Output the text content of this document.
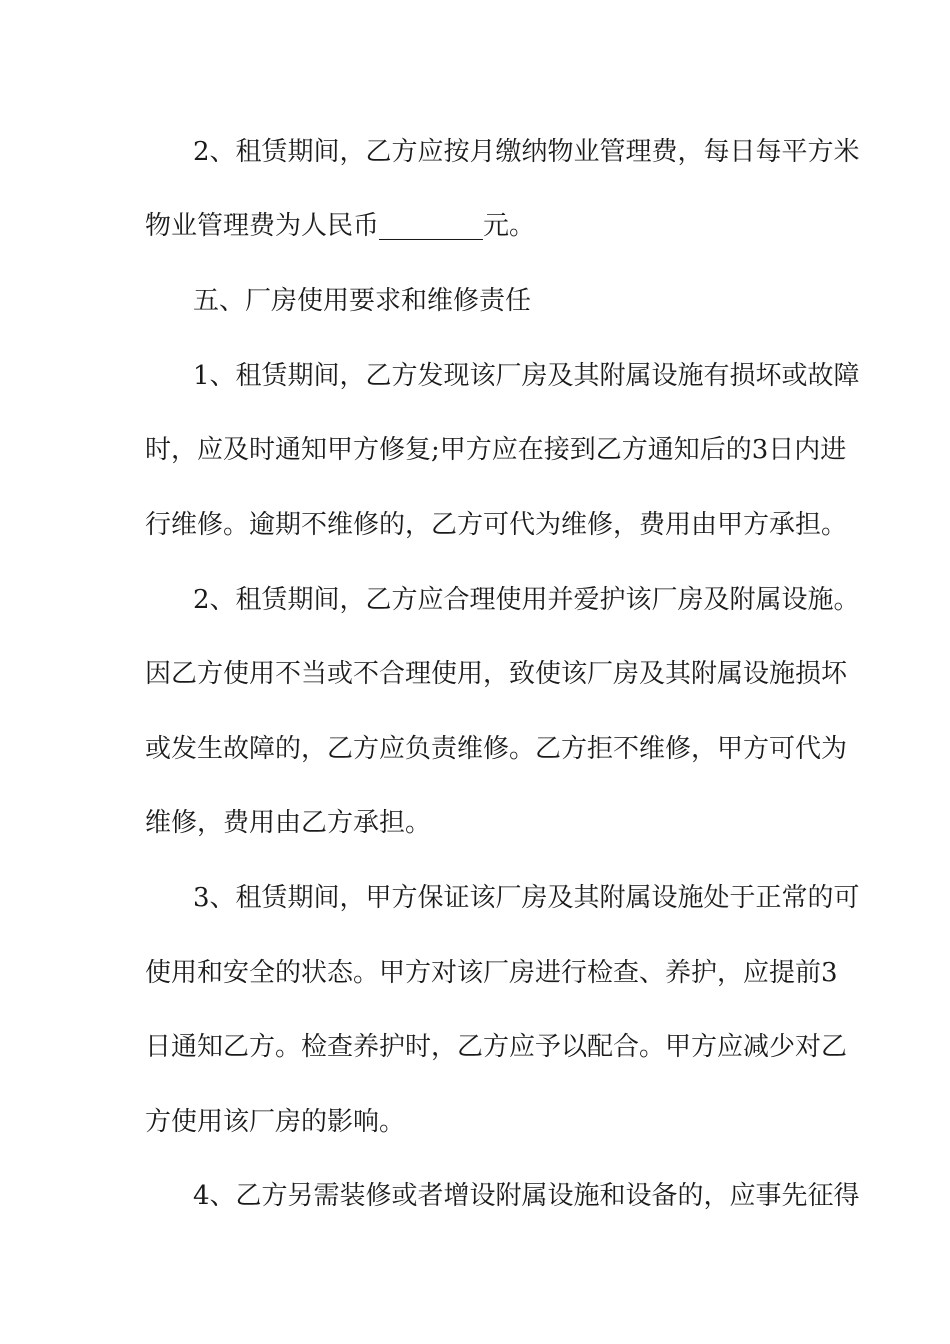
2、租赁期间，乙方应按月缴纳物业管理费，每日每平方米
物业管理费为人民币________元。
五、厂房使用要求和维修责任
1、租赁期间，乙方发现该厂房及其附属设施有损坏或故障
时，应及时通知甲方修复;甲方应在接到乙方通知后的3日内进
行维修。逾期不维修的，乙方可代为维修，费用由甲方承担。
2、租赁期间，乙方应合理使用并爱护该厂房及附属设施。
因乙方使用不当或不合理使用，致使该厂房及其附属设施损坏
或发生故障的，乙方应负责维修。乙方拒不维修，甲方可代为
维修，费用由乙方承担。
3、租赁期间，甲方保证该厂房及其附属设施处于正常的可
使用和安全的状态。甲方对该厂房进行检查、养护，应提前3
日通知乙方。检查养护时，乙方应予以配合。甲方应减少对乙
方使用该厂房的影响。
4、乙方另需装修或者增设附属设施和设备的，应事先征得
